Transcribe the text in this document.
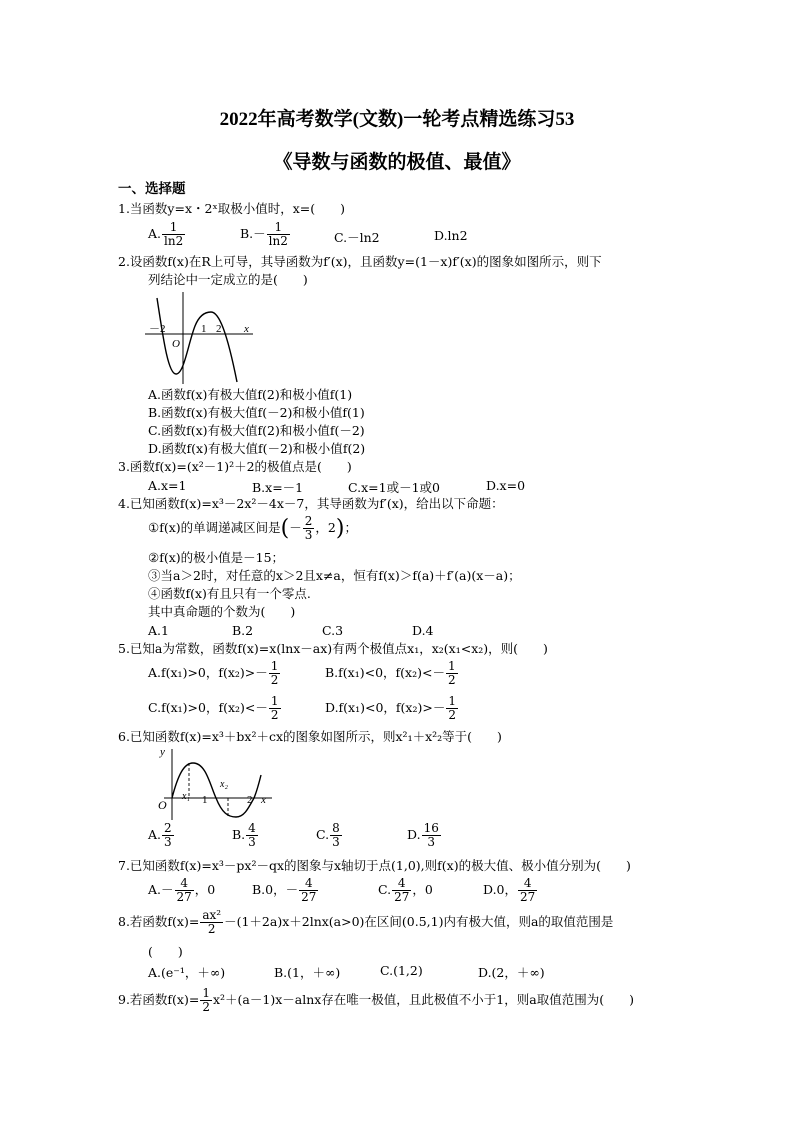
2022年高考数学(文数)一轮考点精选练习53
《导数与函数的极值、最值》
一、选择题
1.当函数y=x・2ˣ取极小值时，x=(　　)
A. $\frac{1}{\ln 2}$	$B.- \frac{1}{\ln 2}$	C.－ln2	D.ln2
2.设函数f(x)在R上可导，其导函数为f′(x)，且函数y=(1－x)f′(x)的图象如图所示，则下
列结论中一定成立的是(　　)
－2
O
1 2 x
A.函数f(x)有极大值f(2)和极小值f(1)
B.函数f(x)有极大值f(－2)和极小值f(1)
C.函数f(x)有极大值f(2)和极小值f(－2)
D.函数f(x)有极大值f(－2)和极小值f(2)
3.函数f(x)=(x²－1)²＋2的极值点是(　　)
A.x=1	B.x=－1	C.x=1或－1或0	D.x=0
4.已知函数f(x)=x³－2x²－4x－7，其导函数为f′(x)，给出以下命题：
①f(x)的单调递减区间是(－ $\frac{2}{3}$ ，2)；
②f(x)的极小值是－15；
③当a＞2时，对任意的x＞2且x≠a，恒有f(x)＞f(a)＋f′(a)(x－a)；
④函数f(x)有且只有一个零点.
其中真命题的个数为(　　)
A.1	B.2	C.3	D.4
5.已知a为常数，函数f(x)=x(lnx－ax)有两个极值点x₁，x₂(x₁<x₂)，则(　　)
A.f(x₁)>0，$f(x_2)>- \frac{1}{2}$	B.f(x₁)<0，$f(x_2)<- \frac{1}{2}$
C.f(x₁)>0，$f(x_2)<- \frac{1}{2}$	D.f(x₁)<0，$f(x_2)>- \frac{1}{2}$
6.已知函数f(x)=x³＋bx²＋cx的图象如图所示，则x²₁＋x²₂等于(　　)
y
O
x₁ 1
x₂
2 x
A. $\frac{2}{3}$	B. $\frac{4}{3}$	C. $\frac{8}{3}$	D. $\frac{16}{3}$
7.已知函数f(x)=x³－px²－qx的图象与x轴切于点(1,0),则f(x)的极大值、极小值分别为(　　)
$A.- \frac{4}{27}$ ，0	B.0，－ $\frac{4}{27}$	C. $\frac{4}{27}$ ，0	D.0， $\frac{4}{27}$
8.若函数$f(x)= \frac{\text{ax²}}{2} -(1+2a)x+2\ln x(a>0)$在区间(0.5,1)内有极大值，则a的取值范围是
(　　)
A.(e⁻¹，＋∞)	B.(1，＋∞)	C.(1,2)	D.(2，＋∞)
9.若函数$f(x)= \frac{1}{2} x^2+(a-1)x-alnx$存在唯一极值，且此极值不小于1，则a取值范围为(　　)
